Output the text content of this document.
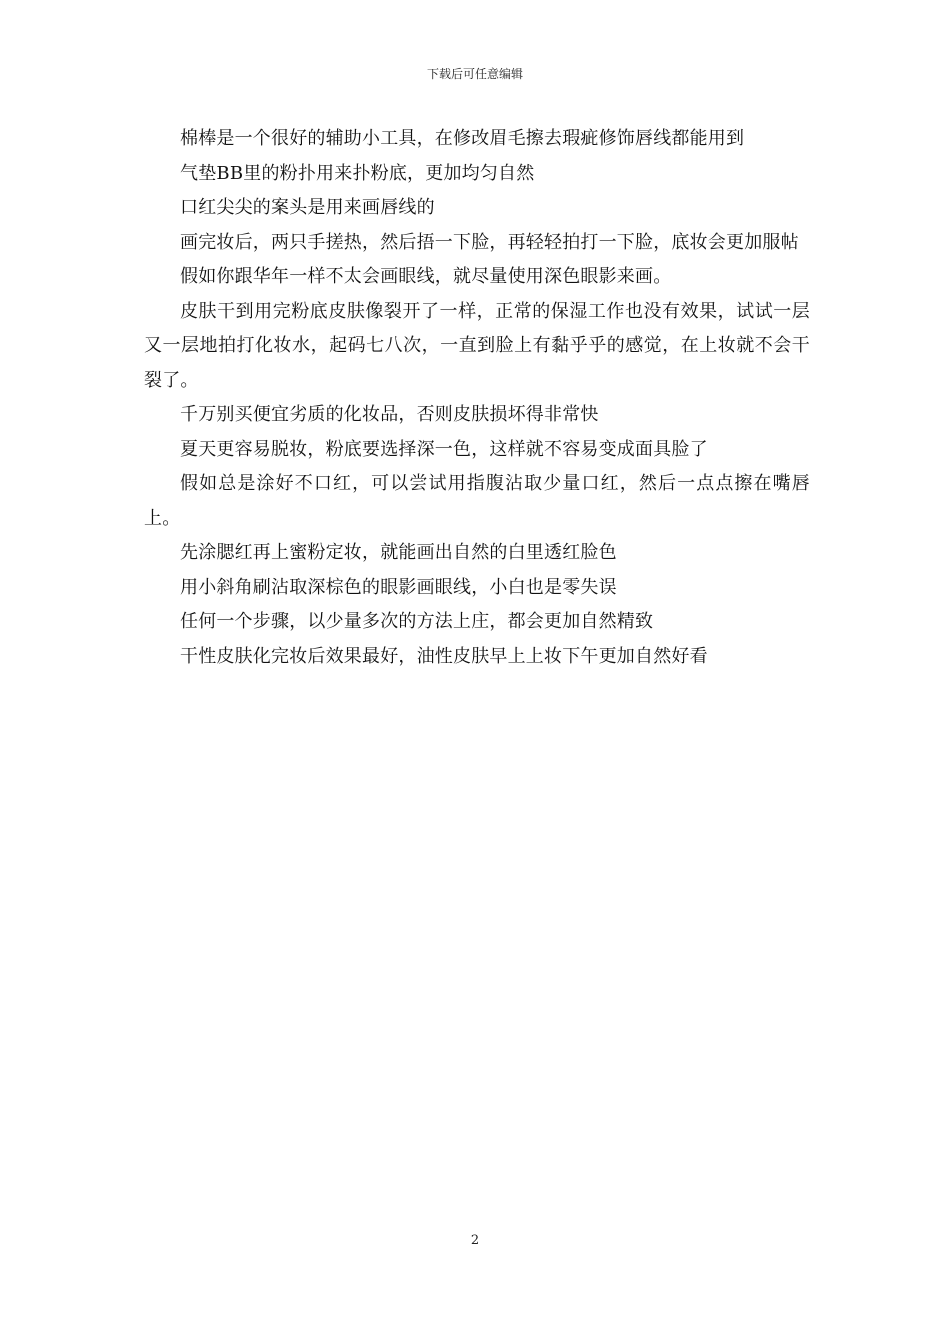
下载后可任意编辑

棉棒是一个很好的辅助小工具，在修改眉毛擦去瑕疵修饰唇线都能用到

气垫BB里的粉扑用来扑粉底，更加均匀自然

口红尖尖的案头是用来画唇线的

画完妆后，两只手搓热，然后捂一下脸，再轻轻拍打一下脸，底妆会更加服帖

假如你跟华年一样不太会画眼线，就尽量使用深色眼影来画。

皮肤干到用完粉底皮肤像裂开了一样，正常的保湿工作也没有效果，试试一层又一层地拍打化妆水，起码七八次，一直到脸上有黏乎乎的感觉，在上妆就不会干裂了。

千万别买便宜劣质的化妆品，否则皮肤损坏得非常快

夏天更容易脱妆，粉底要选择深一色，这样就不容易变成面具脸了

假如总是涂好不口红，可以尝试用指腹沾取少量口红，然后一点点擦在嘴唇上。

先涂腮红再上蜜粉定妆，就能画出自然的白里透红脸色

用小斜角刷沾取深棕色的眼影画眼线，小白也是零失误

任何一个步骤，以少量多次的方法上庄，都会更加自然精致

干性皮肤化完妆后效果最好，油性皮肤早上上妆下午更加自然好看

2
